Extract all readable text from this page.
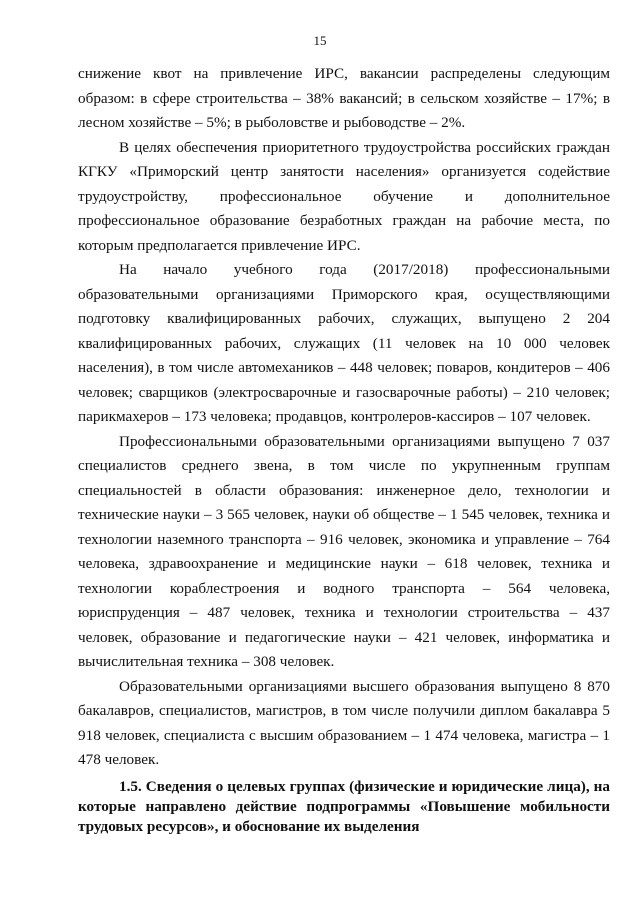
15

снижение квот на привлечение ИРС, вакансии распределены следующим образом: в сфере строительства – 38% вакансий; в сельском хозяйстве – 17%; в лесном хозяйстве – 5%; в рыболовстве и рыбоводстве – 2%.

В целях обеспечения приоритетного трудоустройства российских граждан КГКУ «Приморский центр занятости населения» организуется содействие трудоустройству, профессиональное обучение и дополнительное профессиональное образование безработных граждан на рабочие места, по которым предполагается привлечение ИРС.

На начало учебного года (2017/2018) профессиональными образовательными организациями Приморского края, осуществляющими подготовку квалифицированных рабочих, служащих, выпущено 2 204 квалифицированных рабочих, служащих (11 человек на 10 000 человек населения), в том числе автомехаников – 448 человек; поваров, кондитеров – 406 человек; сварщиков (электросварочные и газосварочные работы) – 210 человек; парикмахеров – 173 человека; продавцов, контролеров-кассиров – 107 человек.

Профессиональными образовательными организациями выпущено 7 037 специалистов среднего звена, в том числе по укрупненным группам специальностей в области образования: инженерное дело, технологии и технические науки – 3 565 человек, науки об обществе – 1 545 человек, техника и технологии наземного транспорта – 916 человек, экономика и управление – 764 человека, здравоохранение и медицинские науки – 618 человек, техника и технологии кораблестроения и водного транспорта – 564 человека, юриспруденция – 487 человек, техника и технологии строительства – 437 человек, образование и педагогические науки – 421 человек, информатика и вычислительная техника – 308 человек.

Образовательными организациями высшего образования выпущено 8 870 бакалавров, специалистов, магистров, в том числе получили диплом бакалавра 5 918 человек, специалиста с высшим образованием – 1 474 человека, магистра – 1 478 человек.

1.5. Сведения о целевых группах (физические и юридические лица), на которые направлено действие подпрограммы «Повышение мобильности трудовых ресурсов», и обоснование их выделения
